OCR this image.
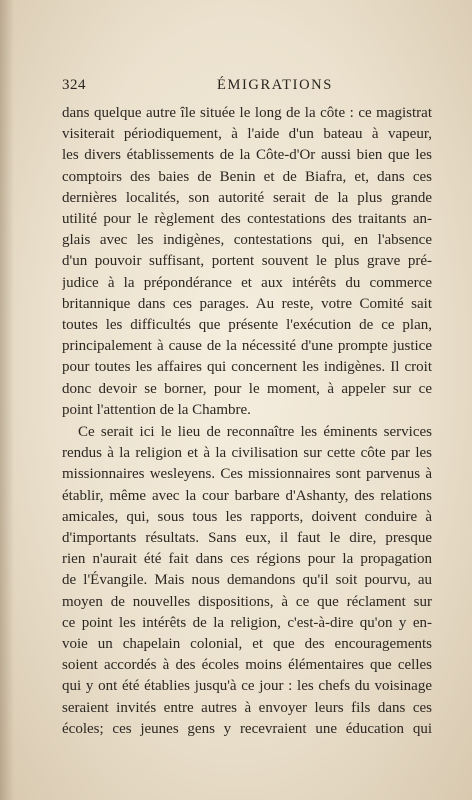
324	ÉMIGRATIONS
dans quelque autre île située le long de la côte : ce magistrat
visiterait périodiquement, à l'aide d'un bateau à vapeur,
les divers établissements de la Côte-d'Or aussi bien que les
comptoirs des baies de Benin et de Biafra, et, dans ces
dernières localités, son autorité serait de la plus grande
utilité pour le règlement des contestations des traitants an-
glais avec les indigènes, contestations qui, en l'absence
d'un pouvoir suffisant, portent souvent le plus grave pré-
judice à la prépondérance et aux intérêts du commerce
britannique dans ces parages. Au reste, votre Comité sait
toutes les difficultés que présente l'exécution de ce plan,
principalement à cause de la nécessité d'une prompte justice
pour toutes les affaires qui concernent les indigènes. Il croit
donc devoir se borner, pour le moment, à appeler sur ce
point l'attention de la Chambre.
Ce serait ici le lieu de reconnaître les éminents services
rendus à la religion et à la civilisation sur cette côte par les
missionnaires wesleyens. Ces missionnaires sont parvenus à
établir, même avec la cour barbare d'Ashanty, des relations
amicales, qui, sous tous les rapports, doivent conduire à
d'importants résultats. Sans eux, il faut le dire, presque
rien n'aurait été fait dans ces régions pour la propagation
de l'Évangile. Mais nous demandons qu'il soit pourvu, au
moyen de nouvelles dispositions, à ce que réclament sur
ce point les intérêts de la religion, c'est-à-dire qu'on y en-
voie un chapelain colonial, et que des encouragements
soient accordés à des écoles moins élémentaires que celles
qui y ont été établies jusqu'à ce jour : les chefs du voisinage
seraient invités entre autres à envoyer leurs fils dans ces
écoles; ces jeunes gens y recevraient une éducation qui
